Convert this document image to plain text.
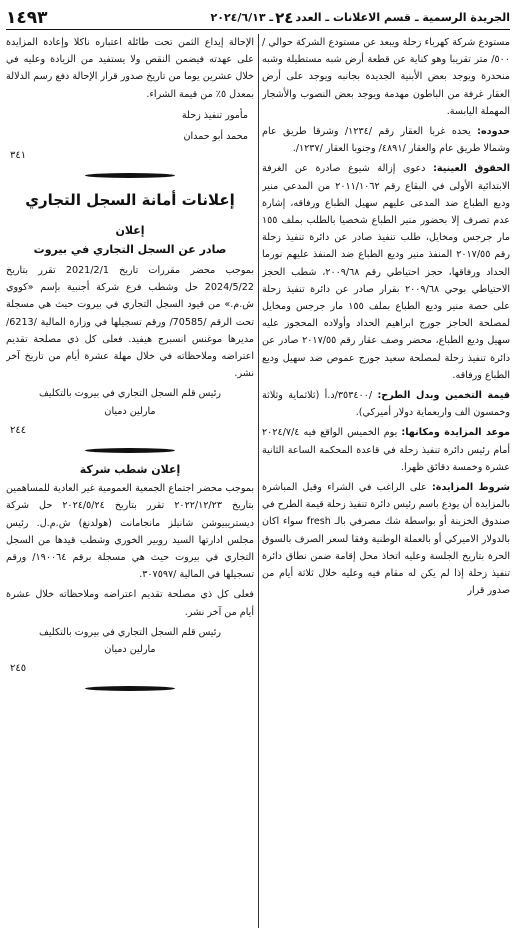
الجريدة الرسمية ـ قسم الاعلانات ـ العدد
٢٤
ـ ٢٠٢٤/٦/١٣
١٤٩٣

مستودع شركة كهرباء زحلة ويبعد عن مستودع الشركة حوالي /٥٠٠/ متر تقريبا وهو كناية عن قطعة أرض شبه مستطيلة وشبه منحدرة ويوجد بعض الأبنية الجديدة بجانبه ويوجد على أرض العقار غرفة من الباطون مهدمة ويوجد بعض النصوب والأشجار المهملة اليابسة.

حدوده: يحده غربا العقار رقم /١٢٣٤/ وشرقا طريق عام وشمالا طريق عام والعقار /٤٨٩١/ وجنوبا العقار /١٢٣٧/.

الحقوق العينية: دعوى إزالة شيوع صادرة عن الغرفة الابتدائية الأولى في البقاع رقم ٢٠١١/١٠٦٢ من المدعي منير وديع الطباع ضد المدعى عليهم سهيل الطباع ورفاقه، إشارة عدم تصرف إلا بحضور منير الطباع شخصيا بالطلب بملف ١٥٥ مار جرجس ومخايل، طلب تنفيذ صادر عن دائرة تنفيذ زحلة رقم ٢٠١٧/٥٥ المنفذ منير وديع الطباع ضد المنفذ عليهم نورما الحداد ورفاقها، حجز احتياطي رقم ٢٠٠٩/٦٨، شطب الحجز الاحتياطي بوحي ٢٠٠٩/٦٨ بقرار صادر عن دائرة تنفيذ زحلة على حصة منير وديع الطباع بملف ١٥٥ مار جرجس ومخايل لمصلحة الحاجز جورج ابراهيم الحداد وأولاده المحجوز عليه سهيل وديع الطباع، محضر وصف عقار رقم ٢٠١٧/٥٥ صادر عن دائرة تنفيذ زحلة لمصلحة سعيد جورج عموص ضد سهيل وديع الطباع ورفاقه.

قيمة التخمين وبدل الطرح: /٣٥٣٤٠٠/د.أ (ثلاثماية وثلاثة وخمسون الف واربعماية دولار أميركي).

موعد المزايدة ومكانها: يوم الخميس الواقع فيه ٢٠٢٤/٧/٤ أمام رئيس دائرة تنفيذ زحلة في قاعدة المحكمة الساعة الثانية عشرة وخمسة دقائق ظهرا.

شروط المزايدة: على الراغب في الشراء وقبل المباشرة بالمزايدة أن يودع باسم رئيس دائرة تنفيذ زحلة قيمة الطرح في صندوق الخزينة أو بواسطة شك مصرفي بالـ fresh سواء اكان بالدولار الاميركي أو بالعملة الوطنية وفقا لسعر الصرف بالسوق الحرة بتاريخ الجلسة وعليه اتخاذ محل إقامة ضمن نطاق دائرة تنفيذ زحلة إذا لم يكن له مقام فيه وعليه خلال ثلاثة أيام من صدور قرار

الإحالة إيداع الثمن تحت طائلة اعتباره ناكلا وإعادة المزايدة على عهدته فيضمن النقص ولا يستفيد من الزيادة وعليه في خلال عشرين يوما من تاريخ صدور قرار الإحالة دفع رسم الدلالة بمعدل ٥٪ من قيمة الشراء.

مأمور تنفيذ زحلة
محمد أبو حمدان
٣٤١
إعلانات أمانة السجل التجاري
إعلان
صادر عن السجل التجاري في بيروت

بموجب محضر مقررات تاريخ 2021/2/1 تقرر بتاريخ 2024/5/22 حل وشطب فرع شركة أجنبية بإسم «كووي ش.م.» من قيود السجل التجاري في بيروت حيث هي مسجلة تحت الرقم /70585/ ورقم تسجيلها في وزارة المالية /6213/ مديرها موغنس انسبرج هيفيد. فعلى كل ذي مصلحة تقديم اعتراضه وملاحظاته في خلال مهلة عشرة أيام من تاريخ آخر نشر.

رئيس قلم السجل التجاري في بيروت بالتكليف
مارلين دميان
٢٤٤
إعلان شطب شركة

بموجب محضر اجتماع الجمعية العمومية غير العادية للمساهمين بتاريخ ٢٠٢٢/١٢/٢٣ تقرر بتاريخ ٢٠٢٤/٥/٢٤ حل شركة ديستريبيوشن شانيلز مانجامانت (هولدنغ) ش.م.ل. رئيس مجلس ادارتها السيد روبير الخوري وشطب قيدها من السجل التجاري في بيروت حيث هي مسجلة برقم ١٩٠٠٦٤/ ورقم تسجيلها في المالية /٣٠٧٥٩٧.

فعلى كل ذي مصلحة تقديم اعتراضه وملاحظاته خلال عشرة أيام من آخر نشر.

رئيس قلم السجل التجاري في بيروت بالتكليف
مارلين دميان
٢٤٥
